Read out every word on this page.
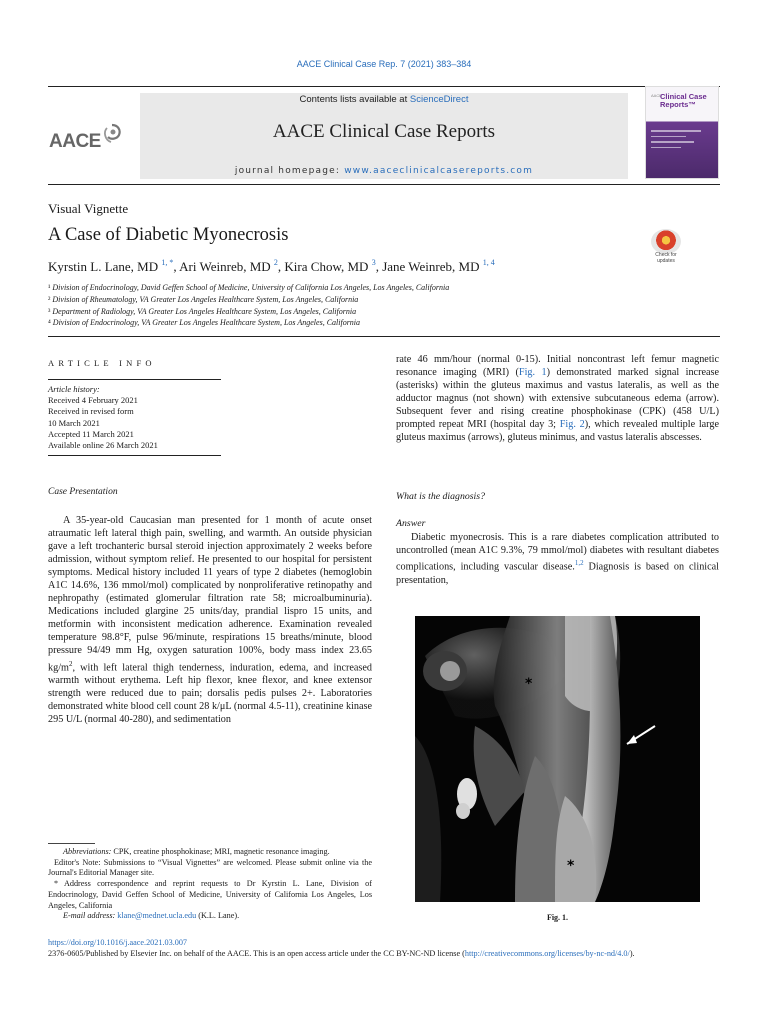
AACE Clinical Case Rep. 7 (2021) 383–384
AACE
Contents lists available at ScienceDirect
AACE Clinical Case Reports
journal homepage: www.aaceclinicalcasereports.com
AACE
Clinical Case
Reports™
Visual Vignette
A Case of Diabetic Myonecrosis
Check for updates
Kyrstin L. Lane, MD $^{1, *}$, Ari Weinreb, MD $^2$, Kira Chow, MD $^3$, Jane Weinreb, MD $^{1, 4}$
¹ Division of Endocrinology, David Geffen School of Medicine, University of California Los Angeles, Los Angeles, California
² Division of Rheumatology, VA Greater Los Angeles Healthcare System, Los Angeles, California
³ Department of Radiology, VA Greater Los Angeles Healthcare System, Los Angeles, California
⁴ Division of Endocrinology, VA Greater Los Angeles Healthcare System, Los Angeles, California
ARTICLE INFO
Article history:
Received 4 February 2021
Received in revised form
10 March 2021
Accepted 11 March 2021
Available online 26 March 2021
Case Presentation
A 35-year-old Caucasian man presented for 1 month of acute onset atraumatic left lateral thigh pain, swelling, and warmth. An outside physician gave a left trochanteric bursal steroid injection approximately 2 weeks before admission, without symptom relief. He presented to our hospital for persistent symptoms. Medical history included 11 years of type 2 diabetes (hemoglobin A1C 14.6%, 136 mmol/mol) complicated by nonproliferative retinopathy and nephropathy (estimated glomerular filtration rate 58; microalbuminuria). Medications included glargine 25 units/day, prandial lispro 15 units, and metformin with inconsistent medication adherence. Examination revealed temperature 98.8°F, pulse 96/minute, respirations 15 breaths/minute, blood pressure 94/49 mm Hg, oxygen saturation 100%, body mass index 23.65 $kg/m^2$, with left lateral thigh tenderness, induration, edema, and increased warmth without erythema. Left hip flexor, knee flexor, and knee extensor strength were reduced due to pain; dorsalis pedis pulses 2+. Laboratories demonstrated white blood cell count 28 k/μL (normal 4.5-11), creatinine kinase 295 U/L (normal 40-280), and sedimentation
rate 46 mm/hour (normal 0-15). Initial noncontrast left femur magnetic resonance imaging (MRI) (Fig. 1) demonstrated marked signal increase (asterisks) within the gluteus maximus and vastus lateralis, as well as the adductor magnus (not shown) with extensive subcutaneous edema (arrow). Subsequent fever and rising creatine phosphokinase (CPK) (458 U/L) prompted repeat MRI (hospital day 3; Fig. 2), which revealed multiple large gluteus maximus (arrows), gluteus minimus, and vastus lateralis abscesses.
What is the diagnosis?
Answer
Diabetic myonecrosis. This is a rare diabetes complication attributed to uncontrolled (mean A1C 9.3%, 79 mmol/mol) diabetes with resultant diabetes complications, including vascular disease.$^{1,2}$ Diagnosis is based on clinical presentation,
*
*
Fig. 1.
Abbreviations: CPK, creatine phosphokinase; MRI, magnetic resonance imaging.
Editor's Note: Submissions to “Visual Vignettes” are welcomed. Please submit online via the Journal's Editorial Manager site.
* Address correspondence and reprint requests to Dr Kyrstin L. Lane, Division of Endocrinology, David Geffen School of Medicine, University of California Los Angeles, Los Angeles, California
E-mail address: klane@mednet.ucla.edu (K.L. Lane).
https://doi.org/10.1016/j.aace.2021.03.007
2376-0605/Published by Elsevier Inc. on behalf of the AACE. This is an open access article under the CC BY-NC-ND license (http://creativecommons.org/licenses/by-nc-nd/4.0/).
